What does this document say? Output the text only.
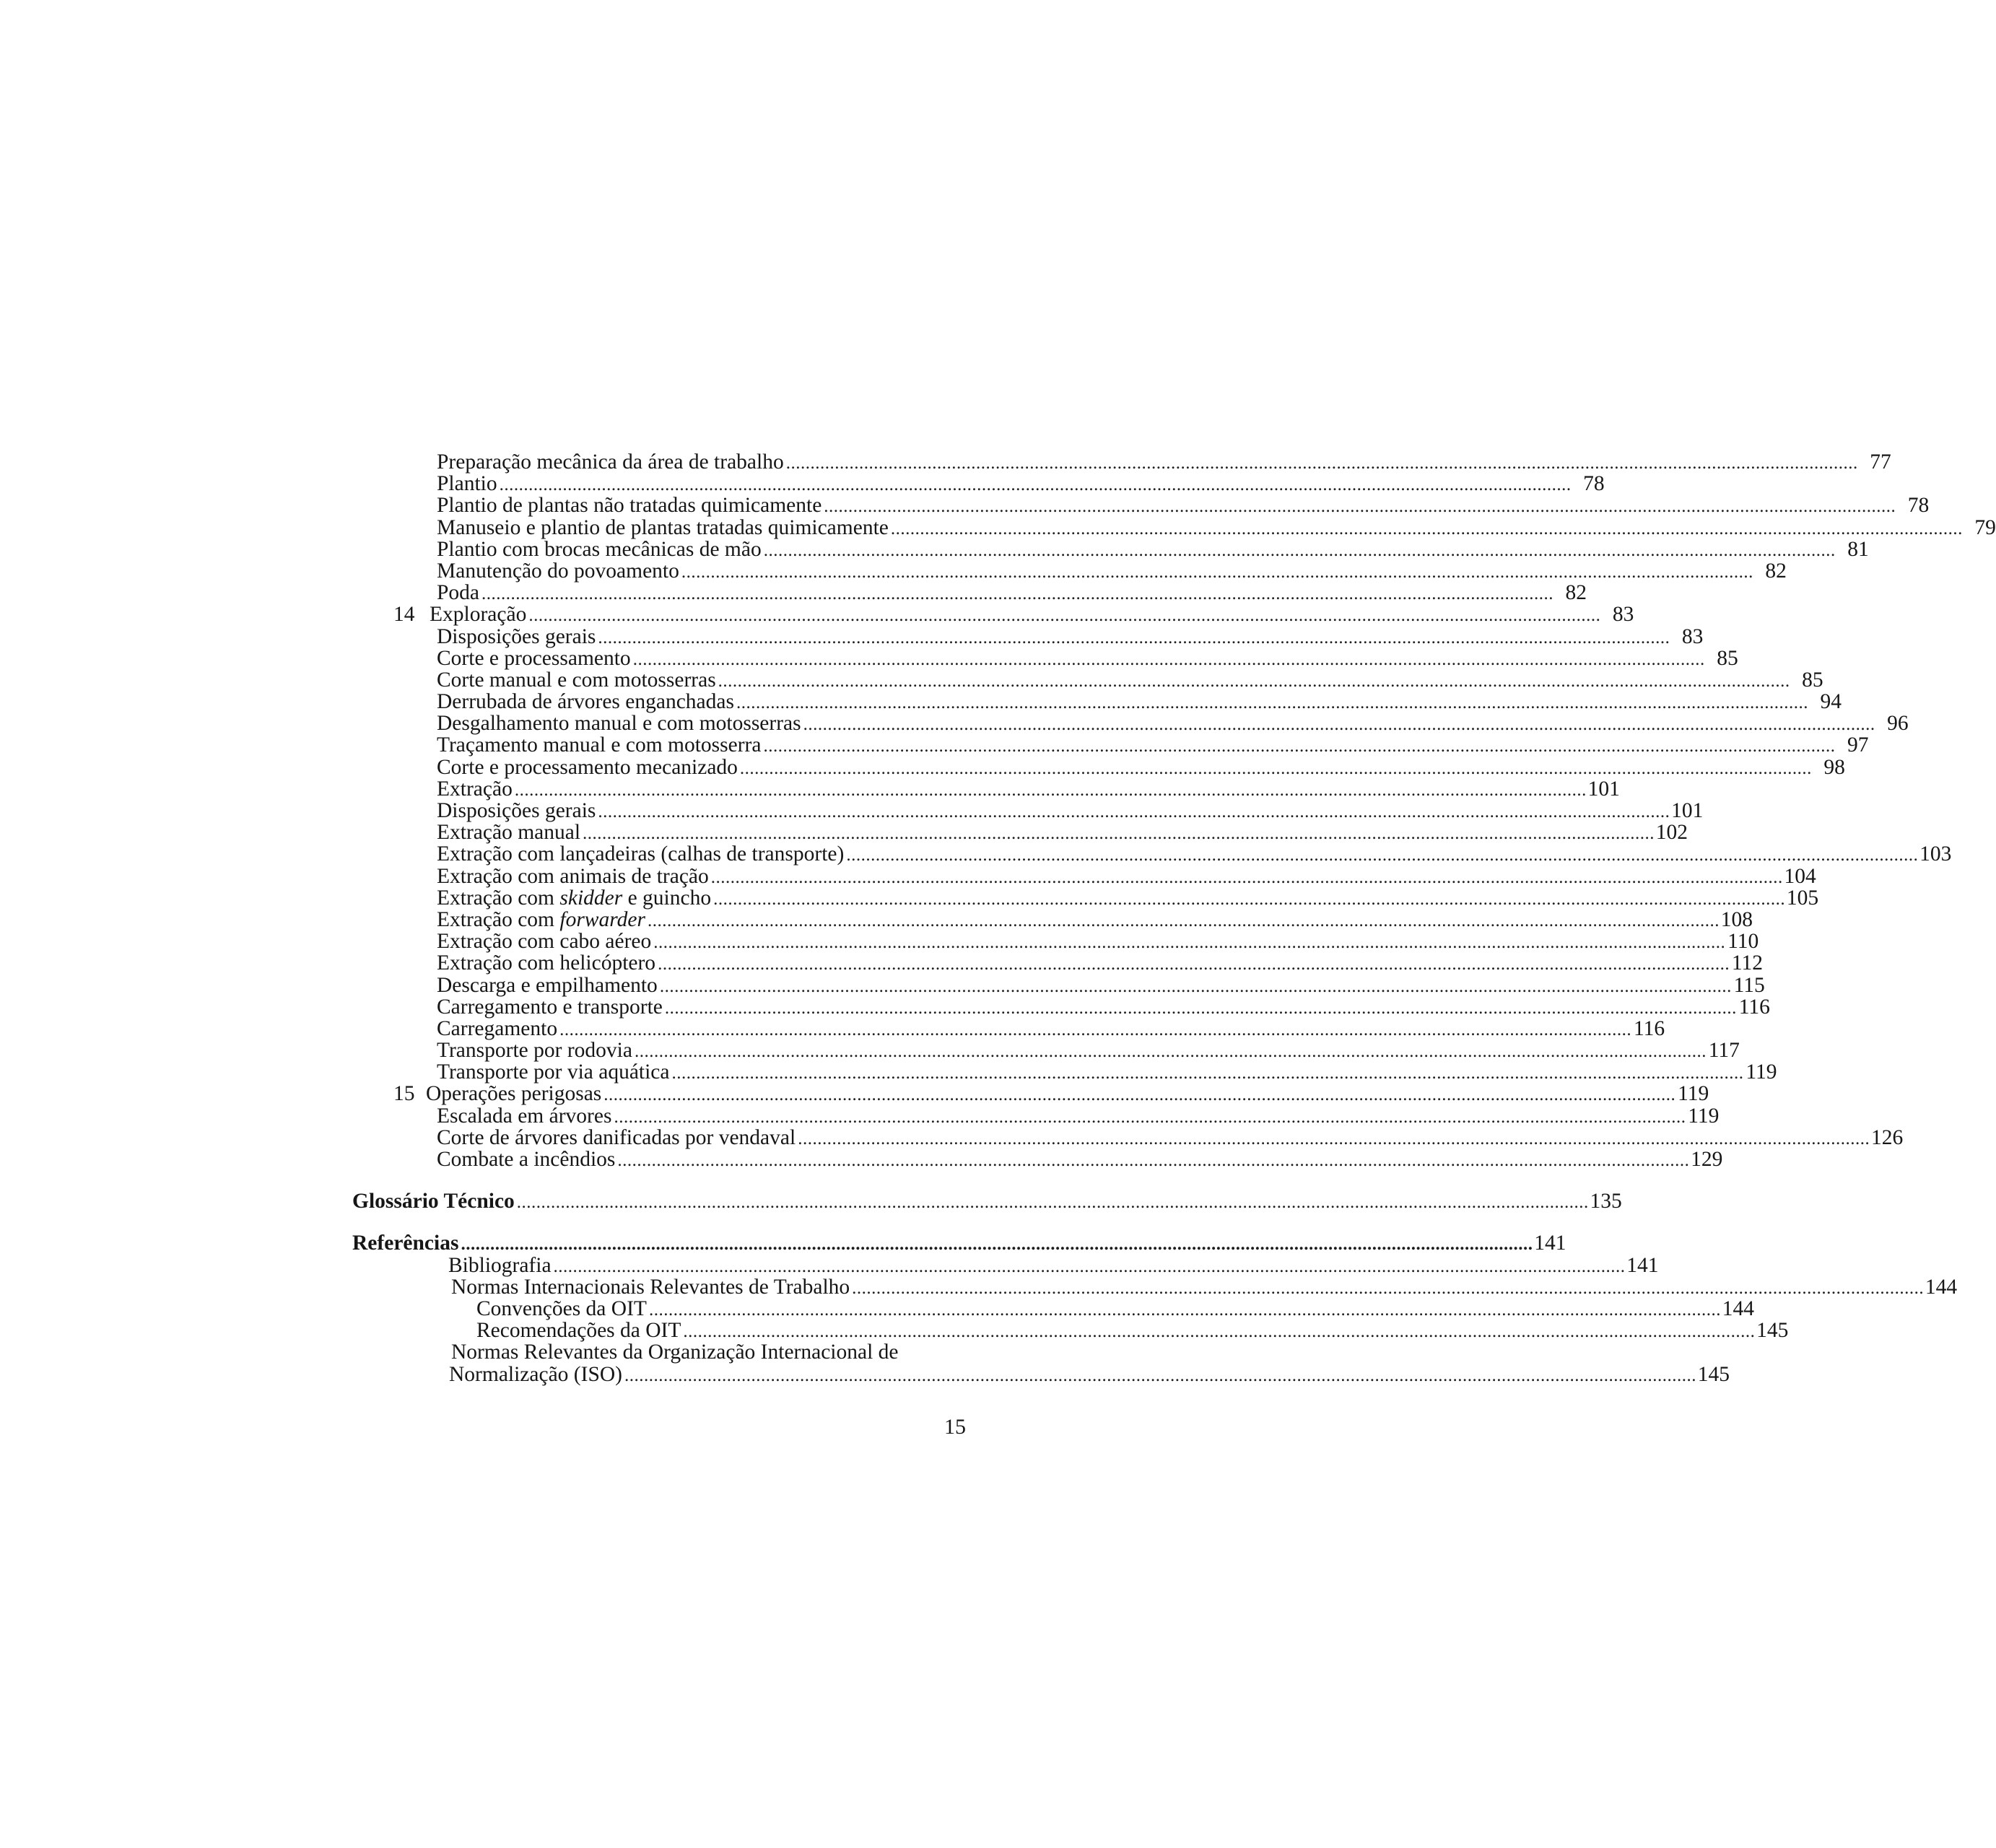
Preparação mecânica da área de trabalho ............................................................................................................................................................................................................................ 77
Plantio ............................................................................................................................................................................................................................ 78
Plantio de plantas não tratadas quimicamente ............................................................................................................................................................................................................................ 78
Manuseio e plantio de plantas tratadas quimicamente ............................................................................................................................................................................................................................ 79
Plantio com brocas mecânicas de mão ............................................................................................................................................................................................................................ 81
Manutenção do povoamento ............................................................................................................................................................................................................................ 82
Poda ............................................................................................................................................................................................................................ 82
14 Exploração ............................................................................................................................................................................................................................ 83
Disposições gerais ............................................................................................................................................................................................................................ 83
Corte e processamento ............................................................................................................................................................................................................................ 85
Corte manual e com motosserras ............................................................................................................................................................................................................................ 85
Derrubada de árvores enganchadas ............................................................................................................................................................................................................................ 94
Desgalhamento manual e com motosserras ............................................................................................................................................................................................................................ 96
Traçamento manual e com motosserra ............................................................................................................................................................................................................................ 97
Corte e processamento mecanizado ............................................................................................................................................................................................................................ 98
Extração ............................................................................................................................................................................................................................ 101
Disposições gerais ............................................................................................................................................................................................................................ 101
Extração manual ............................................................................................................................................................................................................................ 102
Extração com lançadeiras (calhas de transporte) ............................................................................................................................................................................................................................ 103
Extração com animais de tração ............................................................................................................................................................................................................................ 104
Extração com skidder e guincho ............................................................................................................................................................................................................................ 105
Extração com forwarder ............................................................................................................................................................................................................................ 108
Extração com cabo aéreo ............................................................................................................................................................................................................................ 110
Extração com helicóptero ............................................................................................................................................................................................................................ 112
Descarga e empilhamento ............................................................................................................................................................................................................................ 115
Carregamento e transporte ............................................................................................................................................................................................................................ 116
Carregamento ............................................................................................................................................................................................................................ 116
Transporte por rodovia ............................................................................................................................................................................................................................ 117
Transporte por via aquática ............................................................................................................................................................................................................................ 119
15 Operações perigosas ............................................................................................................................................................................................................................ 119
Escalada em árvores ............................................................................................................................................................................................................................ 119
Corte de árvores danificadas por vendaval ............................................................................................................................................................................................................................ 126
Combate a incêndios ............................................................................................................................................................................................................................ 129
Glossário Técnico ............................................................................................................................................................................................................................ 135
Referências ............................................................................................................................................................................................................................ 141
Bibliografia ............................................................................................................................................................................................................................ 141
Normas Internacionais Relevantes de Trabalho ............................................................................................................................................................................................................................ 144
Convenções da OIT ............................................................................................................................................................................................................................ 144
Recomendações da OIT ............................................................................................................................................................................................................................ 145
Normas Relevantes da Organização Internacional de
Normalização (ISO) ............................................................................................................................................................................................................................ 145
15
